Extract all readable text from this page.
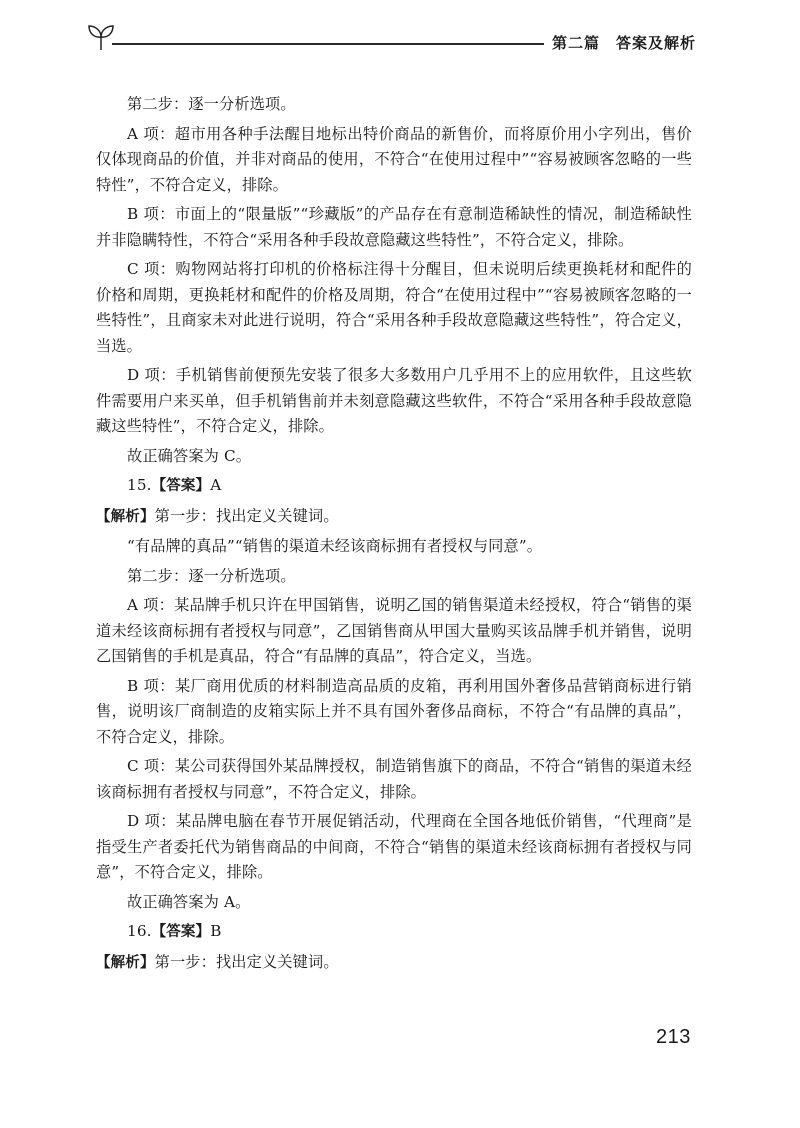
第二篇　答案及解析

第二步：逐一分析选项。

A 项：超市用各种手法醒目地标出特价商品的新售价，而将原价用小字列出，售价仅体现商品的价值，并非对商品的使用，不符合“在使用过程中”“容易被顾客忽略的一些特性”，不符合定义，排除。

B 项：市面上的“限量版”“珍藏版”的产品存在有意制造稀缺性的情况，制造稀缺性并非隐瞒特性，不符合“采用各种手段故意隐藏这些特性”，不符合定义，排除。

C 项：购物网站将打印机的价格标注得十分醒目，但未说明后续更换耗材和配件的价格和周期，更换耗材和配件的价格及周期，符合“在使用过程中”“容易被顾客忽略的一些特性”，且商家未对此进行说明，符合“采用各种手段故意隐藏这些特性”，符合定义，当选。

D 项：手机销售前便预先安装了很多大多数用户几乎用不上的应用软件，且这些软件需要用户来买单，但手机销售前并未刻意隐藏这些软件，不符合“采用各种手段故意隐藏这些特性”，不符合定义，排除。

故正确答案为 C。

15.【答案】A

【解析】第一步：找出定义关键词。

“有品牌的真品”“销售的渠道未经该商标拥有者授权与同意”。

第二步：逐一分析选项。

A 项：某品牌手机只许在甲国销售，说明乙国的销售渠道未经授权，符合“销售的渠道未经该商标拥有者授权与同意”，乙国销售商从甲国大量购买该品牌手机并销售，说明乙国销售的手机是真品，符合“有品牌的真品”，符合定义，当选。

B 项：某厂商用优质的材料制造高品质的皮箱，再利用国外奢侈品营销商标进行销售，说明该厂商制造的皮箱实际上并不具有国外奢侈品商标，不符合“有品牌的真品”，不符合定义，排除。

C 项：某公司获得国外某品牌授权，制造销售旗下的商品，不符合“销售的渠道未经该商标拥有者授权与同意”，不符合定义，排除。

D 项：某品牌电脑在春节开展促销活动，代理商在全国各地低价销售，“代理商”是指受生产者委托代为销售商品的中间商，不符合“销售的渠道未经该商标拥有者授权与同意”，不符合定义，排除。

故正确答案为 A。

16.【答案】B

【解析】第一步：找出定义关键词。

213
